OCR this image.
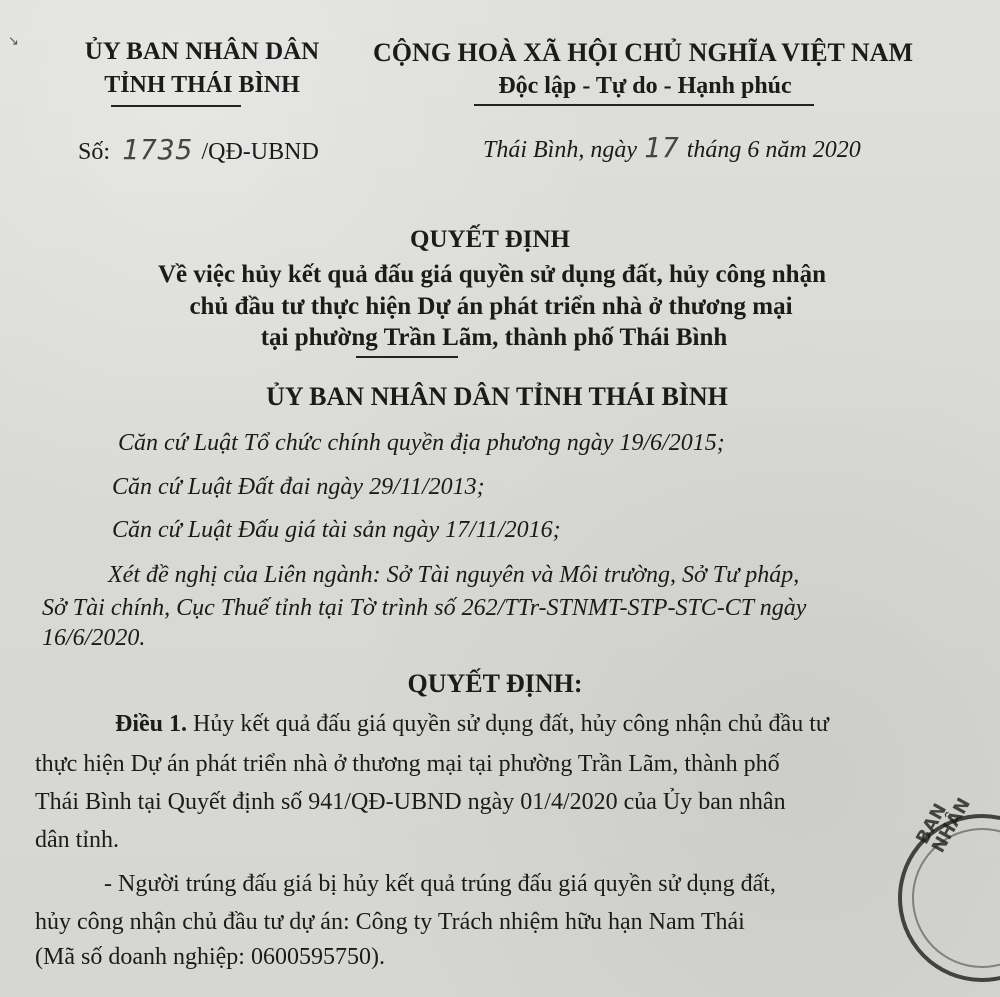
↘	ỦY BAN NHÂN DÂN
TỈNH THÁI BÌNH
CỘNG HOÀ XÃ HỘI CHỦ NGHĨA VIỆT NAM
Độc lập - Tự do - Hạnh phúc
Số: 1735 /QĐ-UBND	Thái Bình, ngày 17 tháng 6 năm 2020
QUYẾT ĐỊNH
Về việc hủy kết quả đấu giá quyền sử dụng đất, hủy công nhận
chủ đầu tư thực hiện Dự án phát triển nhà ở thương mại
tại phường Trần Lãm, thành phố Thái Bình
ỦY BAN NHÂN DÂN TỈNH THÁI BÌNH
Căn cứ Luật Tổ chức chính quyền địa phương ngày 19/6/2015;
Căn cứ Luật Đất đai ngày 29/11/2013;
Căn cứ Luật Đấu giá tài sản ngày 17/11/2016;
Xét đề nghị của Liên ngành: Sở Tài nguyên và Môi trường, Sở Tư pháp,
Sở Tài chính, Cục Thuế tỉnh tại Tờ trình số 262/TTr-STNMT-STP-STC-CT ngày
16/6/2020.
QUYẾT ĐỊNH:
Điều 1. Hủy kết quả đấu giá quyền sử dụng đất, hủy công nhận chủ đầu tư
thực hiện Dự án phát triển nhà ở thương mại tại phường Trần Lãm, thành phố
Thái Bình tại Quyết định số 941/QĐ-UBND ngày 01/4/2020 của Ủy ban nhân
dân tỉnh.
- Người trúng đấu giá bị hủy kết quả trúng đấu giá quyền sử dụng đất,
hủy công nhận chủ đầu tư dự án: Công ty Trách nhiệm hữu hạn Nam Thái
(Mã số doanh nghiệp: 0600595750).
BAN NHÂN
